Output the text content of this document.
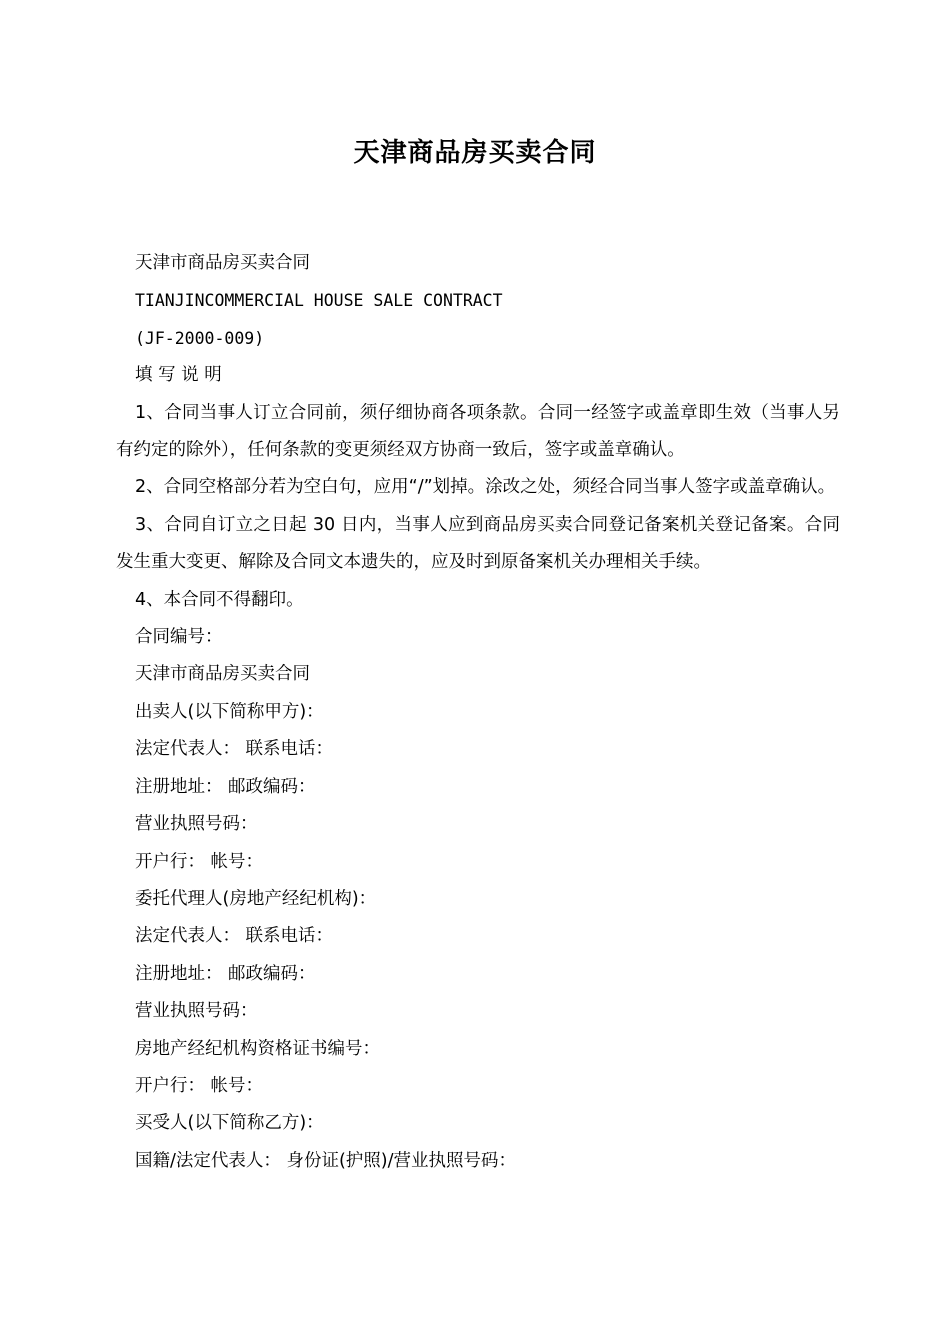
天津商品房买卖合同

天津市商品房买卖合同

TIANJINCOMMERCIAL HOUSE SALE CONTRACT

(JF-2000-009)

填 写 说 明

1、合同当事人订立合同前，须仔细协商各项条款。合同一经签字或盖章即生效（当事人另有约定的除外），任何条款的变更须经双方协商一致后，签字或盖章确认。

2、合同空格部分若为空白句，应用“/”划掉。涂改之处，须经合同当事人签字或盖章确认。

3、合同自订立之日起 30 日内，当事人应到商品房买卖合同登记备案机关登记备案。合同发生重大变更、解除及合同文本遗失的，应及时到原备案机关办理相关手续。

4、本合同不得翻印。

合同编号：

天津市商品房买卖合同

出卖人(以下简称甲方)：

法定代表人： 联系电话：

注册地址： 邮政编码：

营业执照号码：

开户行： 帐号：

委托代理人(房地产经纪机构)：

法定代表人： 联系电话：

注册地址： 邮政编码：

营业执照号码：

房地产经纪机构资格证书编号：

开户行： 帐号：

买受人(以下简称乙方)：

国籍/法定代表人： 身份证(护照)/营业执照号码：
